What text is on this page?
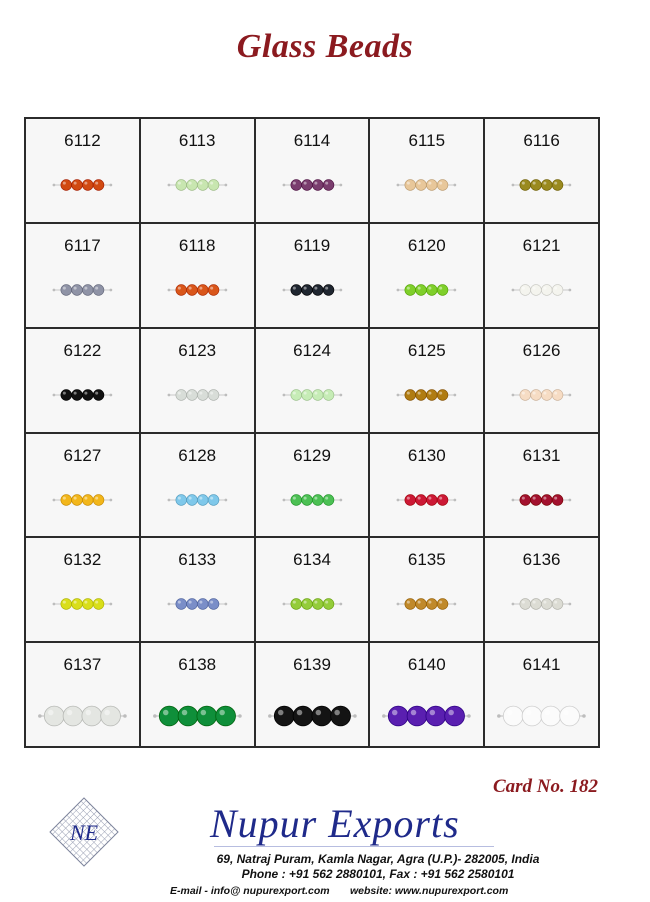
Glass Beads
6112	6113	6114	6115	6116
6117	6118	6119	6120	6121
6122	6123	6124	6125	6126
6127	6128	6129	6130	6131
6132	6133	6134	6135	6136
6137	6138	6139	6140	6141
Card No. 182
NE	Nupur Exports
69, Natraj Puram, Kamla Nagar, Agra (U.P.)- 282005, India
Phone : +91 562 2880101, Fax : +91 562 2580101
E-mail - info@ nupurexport.com website: www.nupurexport.com
